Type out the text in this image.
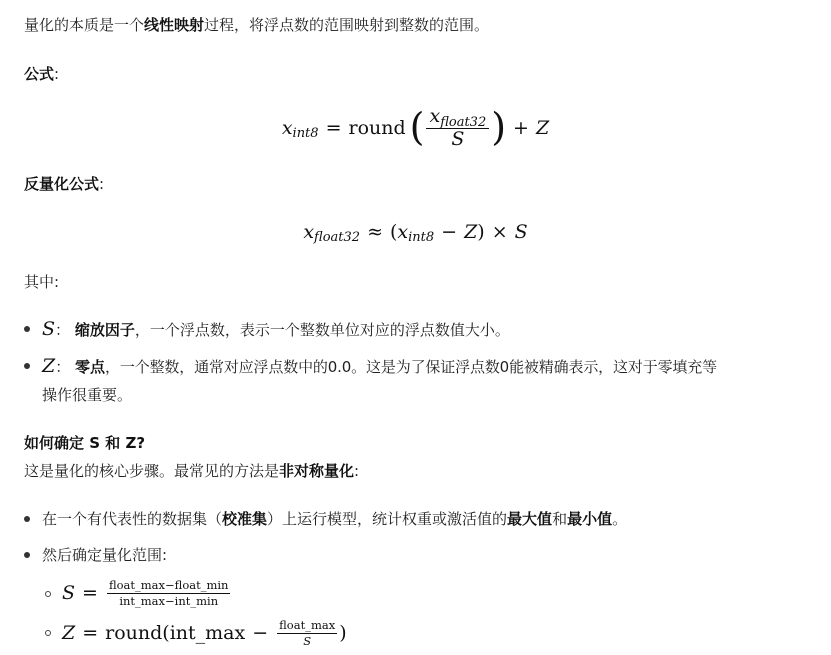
量化的本质是一个线性映射过程，将浮点数的范围映射到整数的范围。
公式:
x int8 = round ( $\frac{x_{float32}}{S}$ ) + Z
反量化公式:
x float32 ≈ ( x int8 − Z ) × S
其中:
S： 缩放因子，一个浮点数，表示一个整数单位对应的浮点数值大小。
Z： 零点，一个整数，通常对应浮点数中的0.0。这是为了保证浮点数0能被精确表示，这对于零填充等
操作很重要。
如何确定 S 和 Z?
这是量化的核心步骤。最常见的方法是非对称量化:
在一个有代表性的数据集（校准集）上运行模型，统计权重或激活值的最大值和最小值。
然后确定量化范围:
$S = \frac{\text{float\_max−float\_min}}{\text{int\_max−int\_min}}$
Z = round(int_max − $\frac{\text{float\_max}}{S}$ )
